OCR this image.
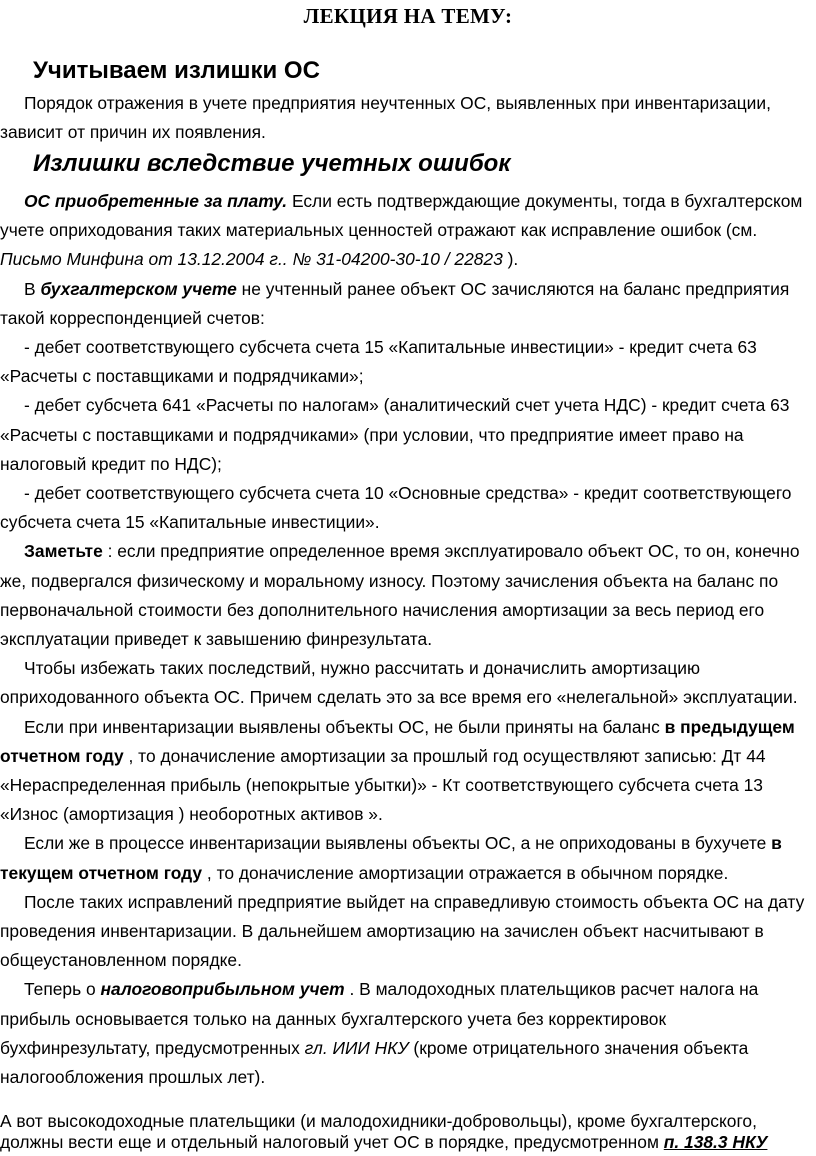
ЛЕКЦИЯ НА ТЕМУ:
Учитываем излишки ОС

Порядок отражения в учете предприятия неучтенных ОС, выявленных при инвентаризации, зависит от причин их появления.

Излишки вследствие учетных ошибок

ОС приобретенные за плату. Если есть подтверждающие документы, тогда в бухгалтерском учете оприходования таких материальных ценностей отражают как исправление ошибок (см. Письмо Минфина от 13.12.2004 г.. № 31-04200-30-10 / 22823 ).

В бухгалтерском учете не учтенный ранее объект ОС зачисляются на баланс предприятия такой корреспонденцией счетов:

- дебет соответствующего субсчета счета 15 «Капитальные инвестиции» - кредит счета 63 «Расчеты с поставщиками и подрядчиками»;

- дебет субсчета 641 «Расчеты по налогам» (аналитический счет учета НДС) - кредит счета 63 «Расчеты с поставщиками и подрядчиками» (при условии, что предприятие имеет право на налоговый кредит по НДС);

- дебет соответствующего субсчета счета 10 «Основные средства» - кредит соответствующего субсчета счета 15 «Капитальные инвестиции».

Заметьте : если предприятие определенное время эксплуатировало объект ОС, то он, конечно же, подвергался физическому и моральному износу. Поэтому зачисления объекта на баланс по первоначальной стоимости без дополнительного начисления амортизации за весь период его эксплуатации приведет к завышению финрезультата.

Чтобы избежать таких последствий, нужно рассчитать и доначислить амортизацию оприходованного объекта ОС. Причем сделать это за все время его «нелегальной» эксплуатации.

Если при инвентаризации выявлены объекты ОС, не были приняты на баланс в предыдущем отчетном году , то доначисление амортизации за прошлый год осуществляют записью: Дт 44 «Нераспределенная прибыль (непокрытые убытки)» - Кт соответствующего субсчета счета 13 «Износ (амортизация ) необоротных активов ».

Если же в процессе инвентаризации выявлены объекты ОС, а не оприходованы в бухучете в текущем отчетном году , то доначисление амортизации отражается в обычном порядке.

После таких исправлений предприятие выйдет на справедливую стоимость объекта ОС на дату проведения инвентаризации. В дальнейшем амортизацию на зачислен объект насчитывают в общеустановленном порядке.

Теперь о налоговоприбыльном учет . В малодоходных плательщиков расчет налога на прибыль основывается только на данных бухгалтерского учета без корректировок бухфинрезультату, предусмотренных гл. ИИИ НКУ (кроме отрицательного значения объекта налогообложения прошлых лет).

А вот высокодоходные плательщики (и малодохидники-добровольцы), кроме бухгалтерского, должны вести еще и отдельный налоговый учет ОС в порядке, предусмотренном п. 138.3 НКУ
